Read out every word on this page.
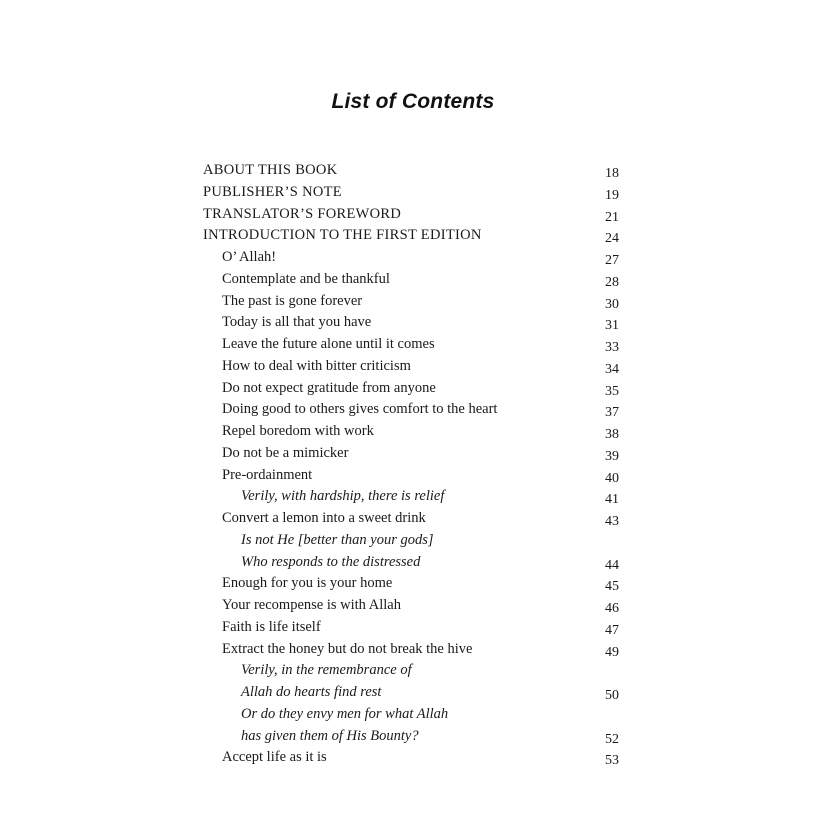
List of Contents
ABOUT THIS BOOK	18
PUBLISHER’S NOTE	19
TRANSLATOR’S FOREWORD	21
INTRODUCTION TO THE FIRST EDITION	24
O’ Allah!	27
Contemplate and be thankful	28
The past is gone forever	30
Today is all that you have	31
Leave the future alone until it comes	33
How to deal with bitter criticism	34
Do not expect gratitude from anyone	35
Doing good to others gives comfort to the heart	37
Repel boredom with work	38
Do not be a mimicker	39
Pre-ordainment	40
Verily, with hardship, there is relief	41
Convert a lemon into a sweet drink	43
Is not He [better than your gods]
Who responds to the distressed	44
Enough for you is your home	45
Your recompense is with Allah	46
Faith is life itself	47
Extract the honey but do not break the hive	49
Verily, in the remembrance of
Allah do hearts find rest	50
Or do they envy men for what Allah
has given them of His Bounty?	52
Accept life as it is	53
